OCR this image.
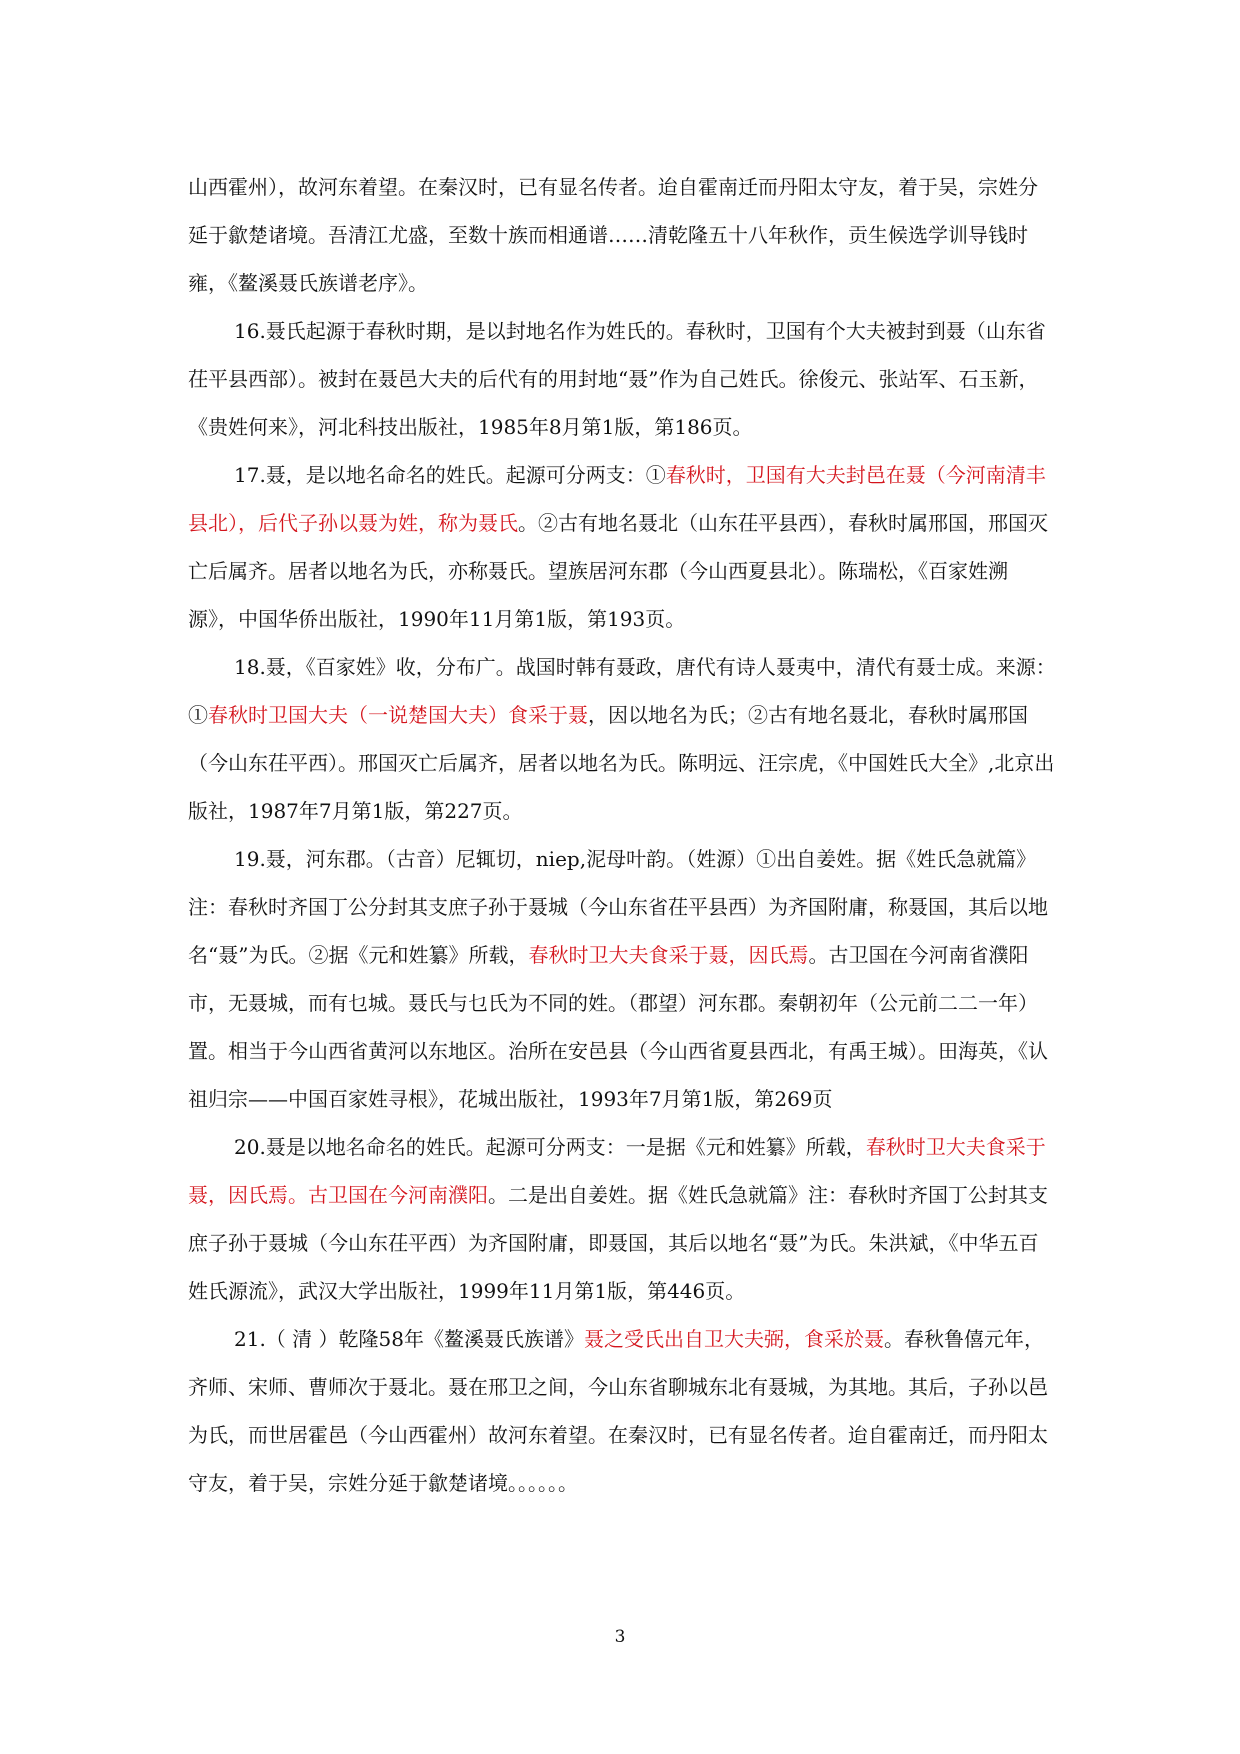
山西霍州），故河东着望。在秦汉时，已有显名传者。迨自霍南迁而丹阳太守友，着于吴，宗姓分延于歙楚诸境。吾清江尤盛，至数十族而相通谱……清乾隆五十八年秋作，贡生候选学训导钱时雍，《鳌溪聂氏族谱老序》。

16.聂氏起源于春秋时期，是以封地名作为姓氏的。春秋时，卫国有个大夫被封到聂（山东省茌平县西部）。被封在聂邑大夫的后代有的用封地“聂”作为自己姓氏。徐俊元、张站军、石玉新，《贵姓何来》，河北科技出版社，1985年8月第1版，第186页。

17.聂，是以地名命名的姓氏。起源可分两支：①春秋时，卫国有大夫封邑在聂（今河南清丰县北），后代子孙以聂为姓，称为聂氏。②古有地名聂北（山东茌平县西），春秋时属邢国，邢国灭亡后属齐。居者以地名为氏，亦称聂氏。望族居河东郡（今山西夏县北）。陈瑞松，《百家姓溯源》，中国华侨出版社，1990年11月第1版，第193页。

18.聂，《百家姓》收，分布广。战国时韩有聂政，唐代有诗人聂夷中，清代有聂士成。来源：①春秋时卫国大夫（一说楚国大夫）食采于聂，因以地名为氏；②古有地名聂北，春秋时属邢国（今山东茌平西）。邢国灭亡后属齐，居者以地名为氏。陈明远、汪宗虎，《中国姓氏大全》,北京出版社，1987年7月第1版，第227页。

19.聂，河东郡。（古音）尼辄切，niep,泥母叶韵。（姓源）①出自姜姓。据《姓氏急就篇》注：春秋时齐国丁公分封其支庶子孙于聂城（今山东省茌平县西）为齐国附庸，称聂国，其后以地名“聂”为氏。②据《元和姓纂》所载，春秋时卫大夫食采于聂，因氏焉。古卫国在今河南省濮阳市，无聂城，而有乜城。聂氏与乜氏为不同的姓。（郡望）河东郡。秦朝初年（公元前二二一年）置。相当于今山西省黄河以东地区。治所在安邑县（今山西省夏县西北，有禹王城）。田海英，《认祖归宗——中国百家姓寻根》，花城出版社，1993年7月第1版，第269页

20.聂是以地名命名的姓氏。起源可分两支：一是据《元和姓纂》所载，春秋时卫大夫食采于聂，因氏焉。古卫国在今河南濮阳。二是出自姜姓。据《姓氏急就篇》注：春秋时齐国丁公封其支庶子孙于聂城（今山东茌平西）为齐国附庸，即聂国，其后以地名“聂”为氏。朱洪斌，《中华五百姓氏源流》，武汉大学出版社，1999年11月第1版，第446页。

21.（ 清 ）乾隆58年《鳌溪聂氏族谱》聂之受氏出自卫大夫弼，食采於聂。春秋鲁僖元年，齐师、宋师、曹师次于聂北。聂在邢卫之间，今山东省聊城东北有聂城，为其地。其后，子孙以邑为氏，而世居霍邑（今山西霍州）故河东着望。在秦汉时，已有显名传者。迨自霍南迁，而丹阳太守友，着于吴，宗姓分延于歙楚诸境。。。。。。

3
